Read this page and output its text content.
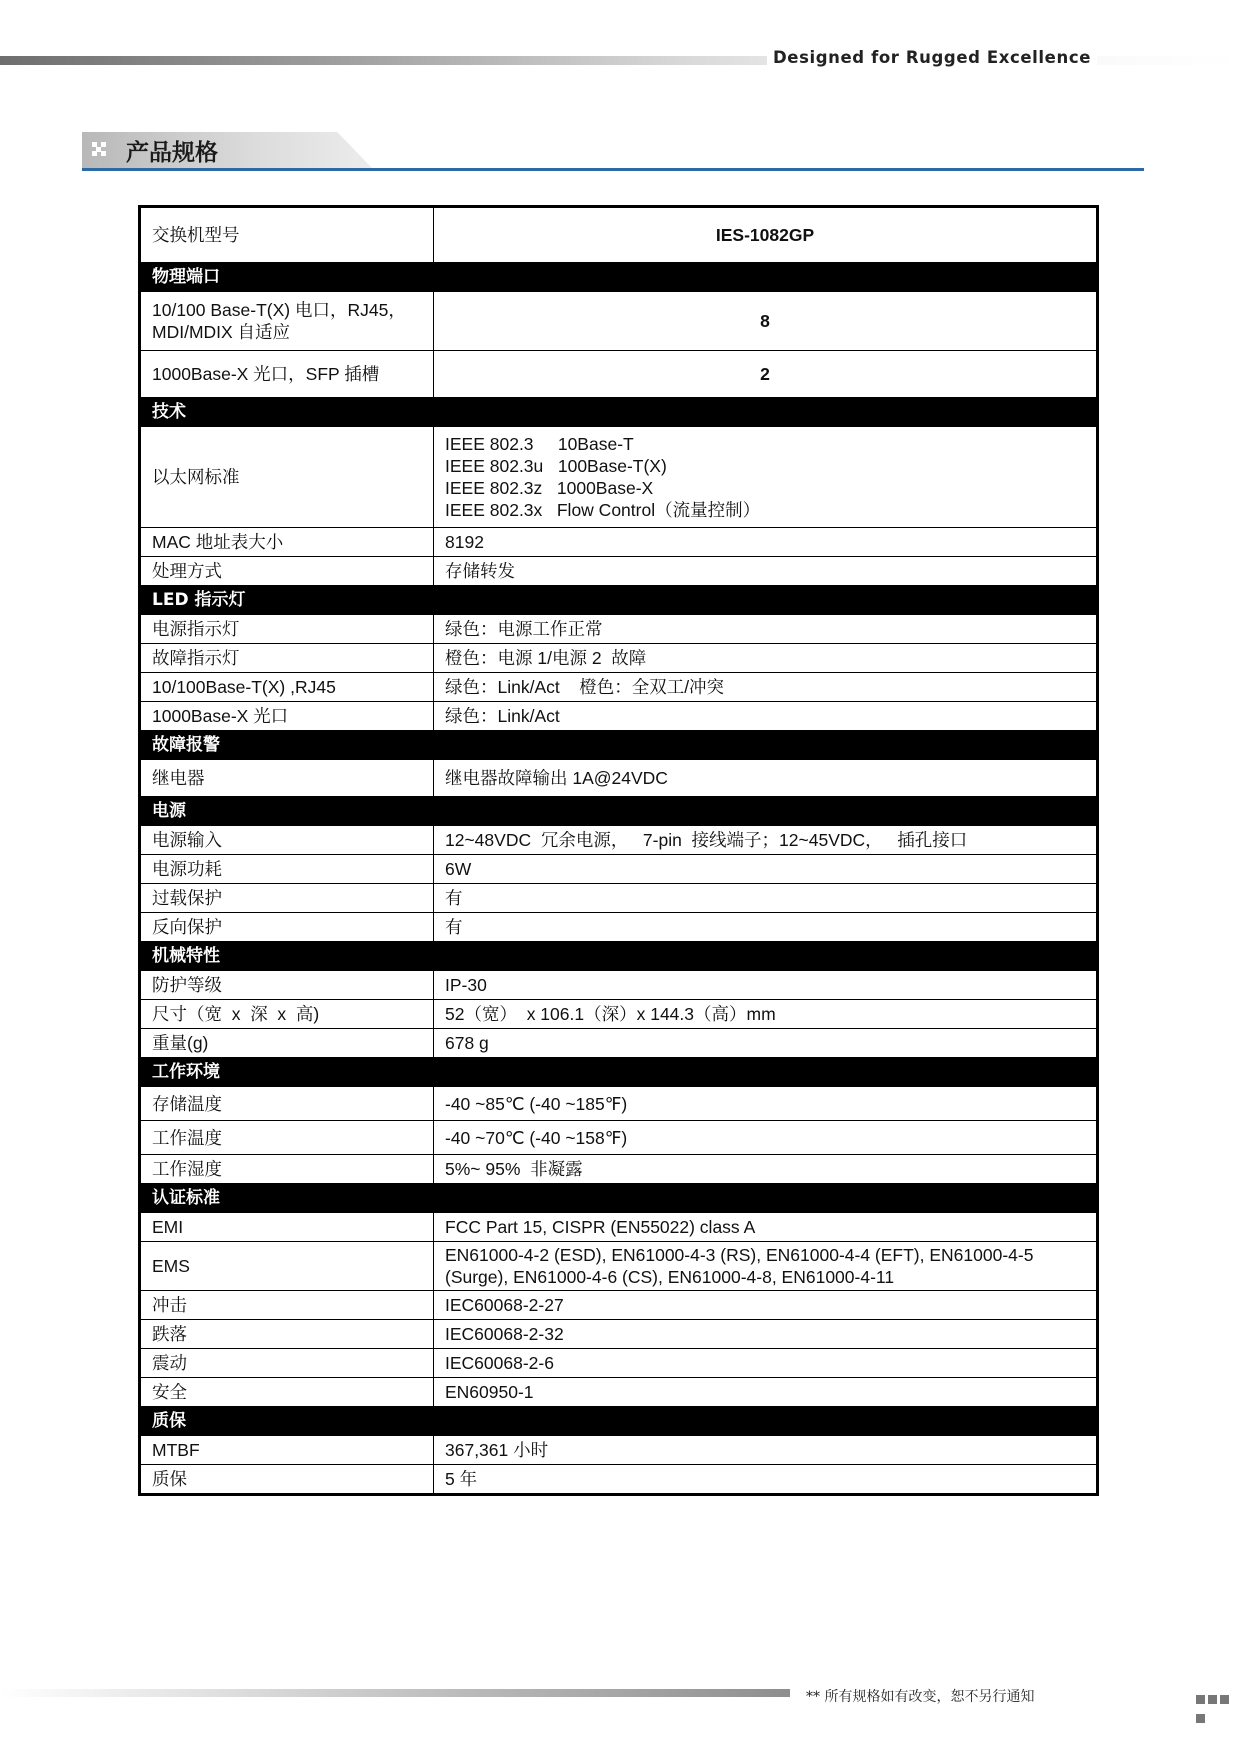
Designed for Rugged Excellence
产品规格
交换机型号	IES-1082GP
物理端口	
10/100 Base-T(X) 电口，RJ45，
MDI/MDIX 自适应	8
1000Base-X 光口，SFP 插槽	2
技术	
以太网标准	IEEE 802.3     10Base-T
IEEE 802.3u   100Base-T(X)
IEEE 802.3z   1000Base-X
IEEE 802.3x   Flow Control（流量控制）
MAC 地址表大小	8192
处理方式	存储转发
LED 指示灯	
电源指示灯	绿色：电源工作正常
故障指示灯	橙色：电源 1/电源 2  故障
10/100Base-T(X) ,RJ45	绿色：Link/Act    橙色：全双工/冲突
1000Base-X 光口	绿色：Link/Act
故障报警	
继电器	继电器故障输出 1A@24VDC
电源	
电源输入	12~48VDC  冗余电源，   7-pin  接线端子；12~45VDC，   插孔接口
电源功耗	6W
过载保护	有
反向保护	有
机械特性	
防护等级	IP-30
尺寸（宽  x  深  x  高)	52（宽）  x 106.1（深）x 144.3（高）mm
重量(g)	678 g
工作环境	
存储温度	-40 ~85℃ (-40 ~185℉)
工作温度	-40 ~70℃ (-40 ~158℉)
工作湿度	5%~ 95%  非凝露
认证标准	
EMI	FCC Part 15, CISPR (EN55022) class A
EMS	EN61000-4-2 (ESD), EN61000-4-3 (RS), EN61000-4-4 (EFT), EN61000-4-5
(Surge), EN61000-4-6 (CS), EN61000-4-8, EN61000-4-11
冲击	IEC60068-2-27
跌落	IEC60068-2-32
震动	IEC60068-2-6
安全	EN60950-1
质保	
MTBF	367,361 小时
质保	5 年
** 所有规格如有改变，恕不另行通知
